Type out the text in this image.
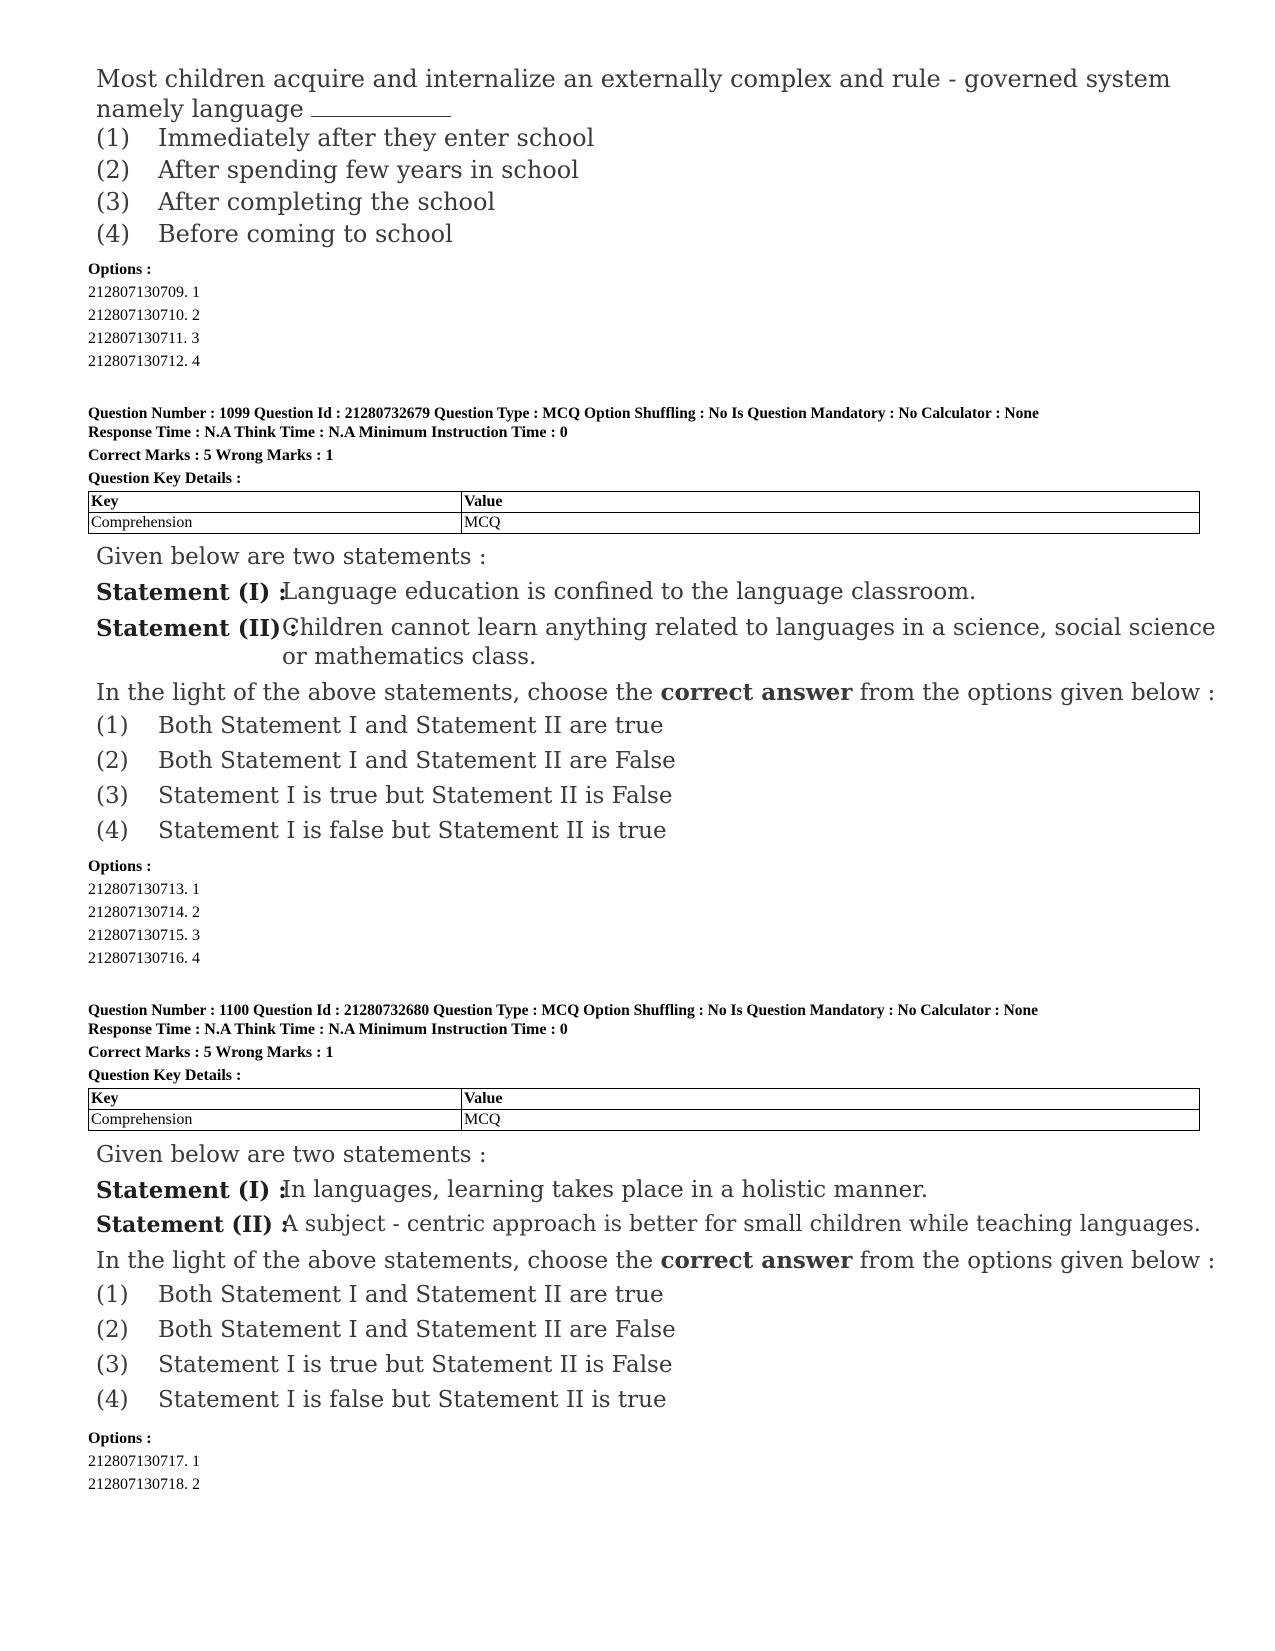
Most children acquire and internalize an externally complex and rule - governed system namely language
(1) Immediately after they enter school
(2) After spending few years in school
(3) After completing the school
(4) Before coming to school
Options :
212807130709. 1
212807130710. 2
212807130711. 3
212807130712. 4
Question Number : 1099 Question Id : 21280732679 Question Type : MCQ Option Shuffling : No Is Question Mandatory : No Calculator : None
Response Time : N.A Think Time : N.A Minimum Instruction Time : 0
Correct Marks : 5 Wrong Marks : 1
Question Key Details :
Key	Value
Comprehension	MCQ
Given below are two statements :
Statement (I) :
Language education is confined to the language classroom.
Statement (II) :
Children cannot learn anything related to languages in a science, social science
or mathematics class.
In the light of the above statements, choose the correct answer from the options given below :
(1) Both Statement I and Statement II are true
(2) Both Statement I and Statement II are False
(3) Statement I is true but Statement II is False
(4) Statement I is false but Statement II is true
Options :
212807130713. 1
212807130714. 2
212807130715. 3
212807130716. 4
Question Number : 1100 Question Id : 21280732680 Question Type : MCQ Option Shuffling : No Is Question Mandatory : No Calculator : None
Response Time : N.A Think Time : N.A Minimum Instruction Time : 0
Correct Marks : 5 Wrong Marks : 1
Question Key Details :
Key	Value
Comprehension	MCQ
Given below are two statements :
Statement (I) :
In languages, learning takes place in a holistic manner.
Statement (II) :
A subject - centric approach is better for small children while teaching languages.
In the light of the above statements, choose the correct answer from the options given below :
(1) Both Statement I and Statement II are true
(2) Both Statement I and Statement II are False
(3) Statement I is true but Statement II is False
(4) Statement I is false but Statement II is true
Options :
212807130717. 1
212807130718. 2
